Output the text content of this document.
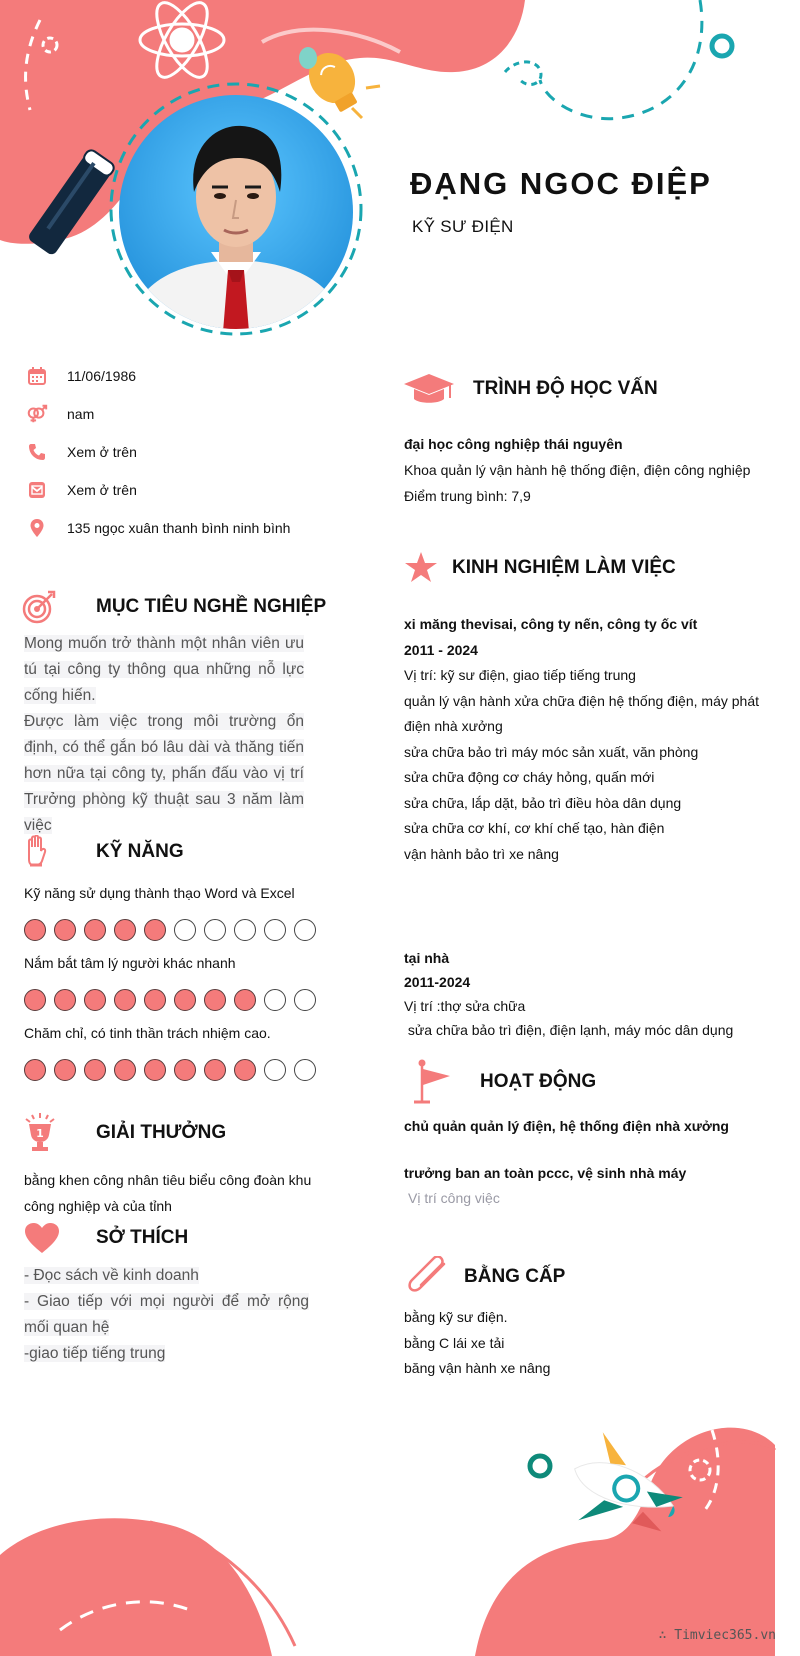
ĐẠNG NGOC ĐIỆP
KỸ SƯ ĐIỆN
11/06/1986
nam
Xem ở trên
Xem ở trên
135 ngọc xuân thanh bình ninh bình
MỤC TIÊU NGHỀ NGHIỆP
Mong muốn trở thành một nhân viên ưu tú tại công ty thông qua những nỗ lực cống hiến.
Được làm việc trong môi trường ổn định, có thể gắn bó lâu dài và thăng tiến hơn nữa tại công ty, phấn đấu vào vị trí Trưởng phòng kỹ thuật sau 3 năm làm việc
KỸ NĂNG
Kỹ năng sử dụng thành thạo Word và Excel
Nắm bắt tâm lý người khác nhanh
Chăm chỉ, có tinh thần trách nhiệm cao.
1	GIẢI THƯỞNG
bằng khen công nhân tiêu biểu công đoàn khu công nghiệp và của tỉnh
SỞ THÍCH
- Đọc sách về kinh doanh
- Giao tiếp với mọi người để mở rộng mối quan hệ
-giao tiếp tiếng trung
TRÌNH ĐỘ HỌC VẤN
đại học công nghiệp thái nguyên
Khoa quản lý vận hành hệ thống điện, điện công nghiệp
Điểm trung bình: 7,9
KINH NGHIỆM LÀM VIỆC
xi măng thevisai, công ty nến, công ty ốc vít
2011 - 2024
Vị trí: kỹ sư điện, giao tiếp tiếng trung
quản lý vận hành xửa chữa điện hệ thống điện, máy phát điện nhà xưởng
sửa chữa bảo trì máy móc sản xuất, văn phòng
sửa chữa động cơ cháy hỏng, quấn mới
sửa chữa, lắp dặt, bảo trì điều hòa dân dụng
sửa chữa cơ khí, cơ khí chế tạo, hàn điện
vận hành bảo trì xe nâng
tại nhà
2011-2024
Vị trí :thợ sửa chữa
sửa chữa bảo trì điện, điện lạnh, máy móc dân dụng
HOẠT ĐỘNG
chủ quản quản lý điện, hệ thống điện nhà xưởng
trưởng ban an toàn pccc, vệ sinh nhà máy
Vị trí công việc
BẰNG CẤP
bằng kỹ sư điện.
bằng C lái xe tải
băng vận hành xe nâng
∴ Timviec365.vn
